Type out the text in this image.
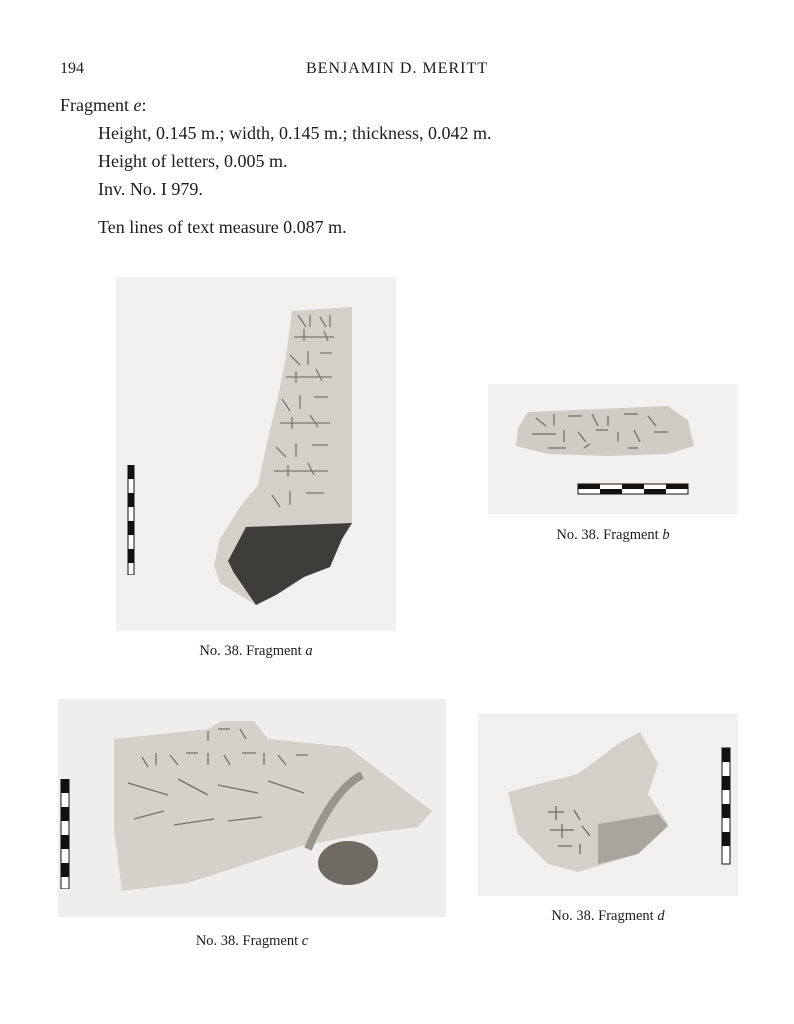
194	BENJAMIN D. MERITT
Fragment e:
Height, 0.145 m.; width, 0.145 m.; thickness, 0.042 m.
Height of letters, 0.005 m.
Inv. No. I 979.
Ten lines of text measure 0.087 m.
No. 38. Fragment a
No. 38. Fragment b
No. 38. Fragment c
No. 38. Fragment d
